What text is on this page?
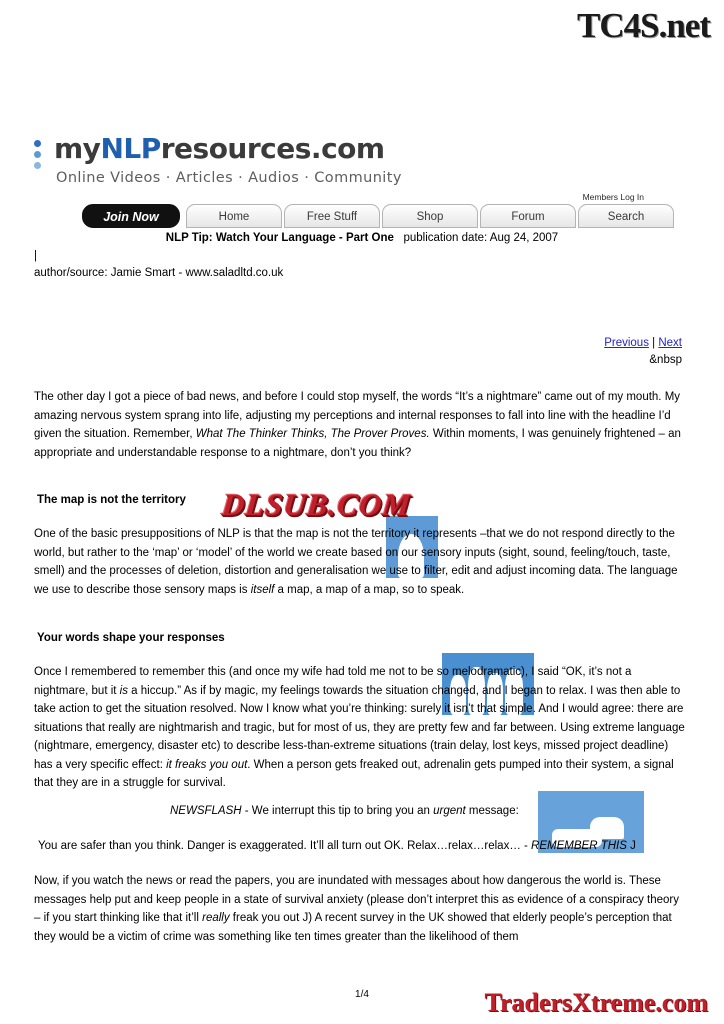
TC4S.net
myNLPresources.com
Online Videos · Articles · Audios · Community
Members Log In
Join Now	Home	Free Stuff	Shop	Forum	Search
NLP Tip: Watch Your Language - Part One publication date: Aug 24, 2007
|
author/source: Jamie Smart - www.saladltd.co.uk
Previous | Next
&nbsp
The other day I got a piece of bad news, and before I could stop myself, the words “It’s a nightmare” came out of my mouth. My amazing nervous system sprang into life, adjusting my perceptions and internal responses to fall into line with the headline I’d given the situation. Remember, What The Thinker Thinks, The Prover Proves. Within moments, I was genuinely frightened – an appropriate and understandable response to a nightmare, don’t you think?
The map is not the territory	DLSUB.COM
One of the basic presuppositions of NLP is that the map is not the territory it represents –that we do not respond directly to the world, but rather to the ‘map’ or ‘model’ of the world we create based on our sensory inputs (sight, sound, feeling/touch, taste, smell) and the processes of deletion, distortion and generalisation we use to filter, edit and adjust incoming data. The language we use to describe those sensory maps is itself a map, a map of a map, so to speak.
Your words shape your responses
Once I remembered to remember this (and once my wife had told me not to be so melodramatic), I said “OK, it’s not a nightmare, but it is a hiccup.” As if by magic, my feelings towards the situation changed, and I began to relax. I was then able to take action to get the situation resolved. Now I know what you’re thinking: surely it isn’t that simple. And I would agree: there are situations that really are nightmarish and tragic, but for most of us, they are pretty few and far between. Using extreme language (nightmare, emergency, disaster etc) to describe less-than-extreme situations (train delay, lost keys, missed project deadline) has a very specific effect: it freaks you out. When a person gets freaked out, adrenalin gets pumped into their system, a signal that they are in a struggle for survival.
NEWSFLASH - We interrupt this tip to bring you an urgent message:
You are safer than you think. Danger is exaggerated. It’ll all turn out OK. Relax…relax…relax… - REMEMBER THIS J
Now, if you watch the news or read the papers, you are inundated with messages about how dangerous the world is. These messages help put and keep people in a state of survival anxiety (please don’t interpret this as evidence of a conspiracy theory – if you start thinking like that it’ll really freak you out J) A recent survey in the UK showed that elderly people’s perception that they would be a victim of crime was something like ten times greater than the likelihood of them
1/4	TradersXtreme.com
